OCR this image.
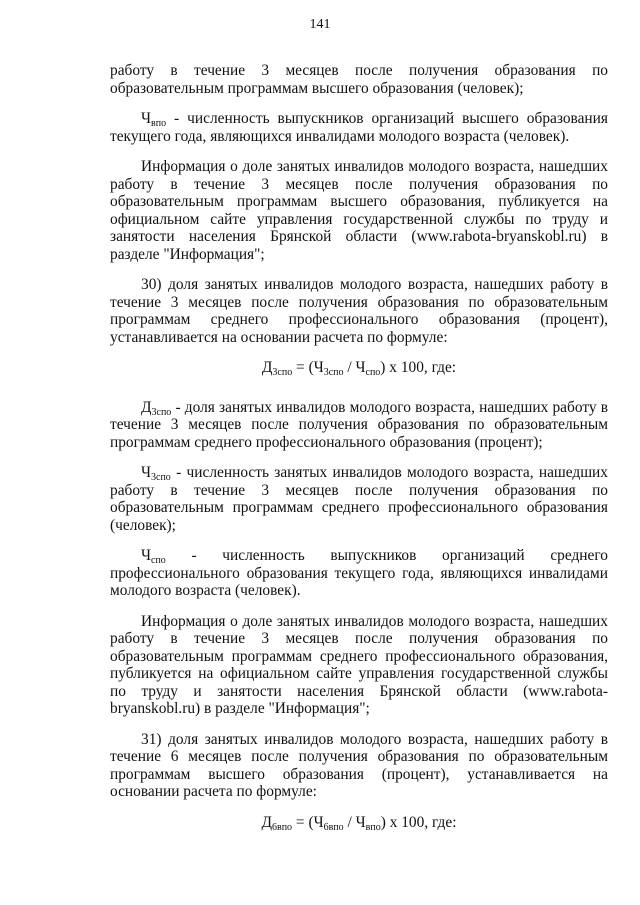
141

работу в течение 3 месяцев после получения образования по образовательным программам высшего образования (человек);

$Ч_{впо}$ - численность выпускников организаций высшего образования текущего года, являющихся инвалидами молодого возраста (человек).

Информация о доле занятых инвалидов молодого возраста, нашедших работу в течение 3 месяцев после получения образования по образовательным программам высшего образования, публикуется на официальном сайте управления государственной службы по труду и занятости населения Брянской области (www.rabota-bryanskobl.ru) в разделе "Информация";

30) доля занятых инвалидов молодого возраста, нашедших работу в течение 3 месяцев после получения образования по образовательным программам среднего профессионального образования (процент), устанавливается на основании расчета по формуле:

$Д_{3спо} = (Ч_{3спо} / Ч_{спо})$ х 100, где:

$Д_{3спо}$ - доля занятых инвалидов молодого возраста, нашедших работу в течение 3 месяцев после получения образования по образовательным программам среднего профессионального образования (процент);

$Ч_{3спо}$ - численность занятых инвалидов молодого возраста, нашедших работу в течение 3 месяцев после получения образования по образовательным программам среднего профессионального образования (человек);

$Ч_{спо}$ - численность выпускников организаций среднего профессионального образования текущего года, являющихся инвалидами молодого возраста (человек).

Информация о доле занятых инвалидов молодого возраста, нашедших работу в течение 3 месяцев после получения образования по образовательным программам среднего профессионального образования, публикуется на официальном сайте управления государственной службы по труду и занятости населения Брянской области (www.rabota-bryanskobl.ru) в разделе "Информация";

31) доля занятых инвалидов молодого возраста, нашедших работу в течение 6 месяцев после получения образования по образовательным программам высшего образования (процент), устанавливается на основании расчета по формуле:

$Д_{6впо} = (Ч_{6впо} / Ч_{впо})$ х 100, где:
